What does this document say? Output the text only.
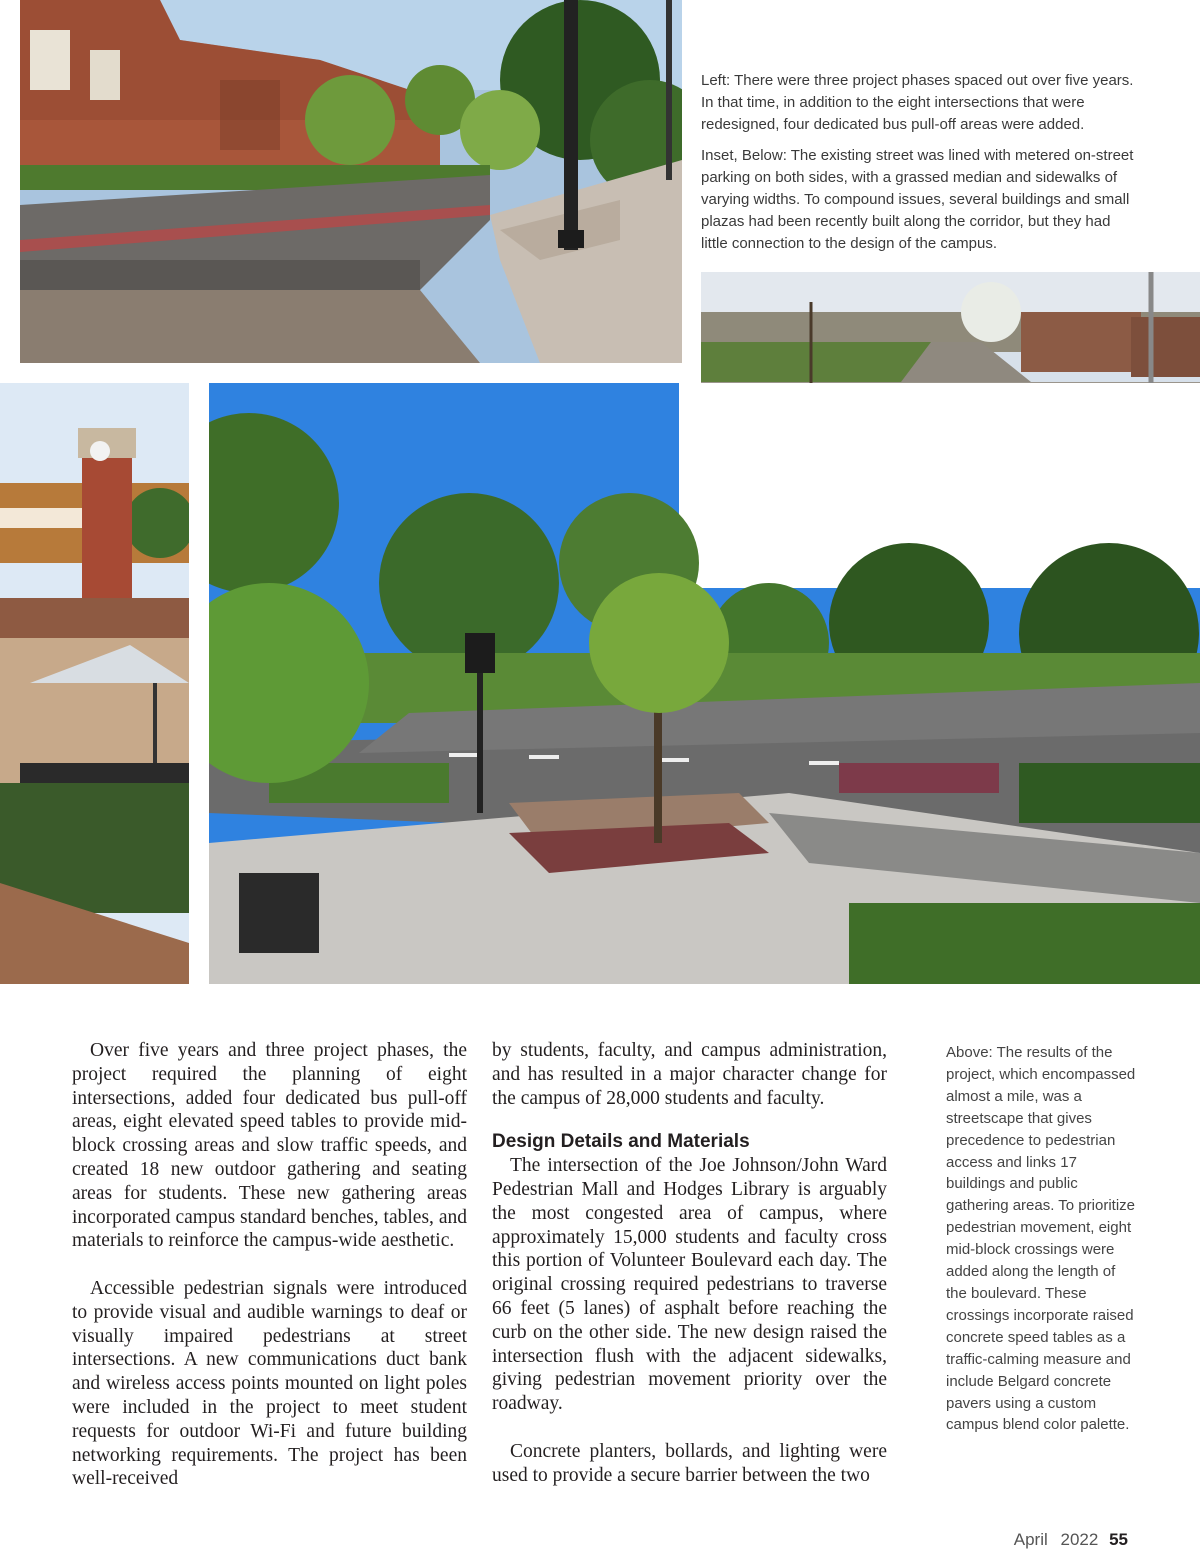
Left: There were three project phases spaced out over five years. In that time, in addition to the eight intersections that were redesigned, four dedicated bus pull-off areas were added.

Inset, Below: The existing street was lined with metered on-street parking on both sides, with a grassed median and sidewalks of varying widths. To compound issues, several buildings and small plazas had been recently built along the corridor, but they had little connection to the design of the campus.

Over five years and three project phases, the project required the planning of eight intersections, added four dedicated bus pull-off areas, eight elevated speed tables to provide mid-block crossing areas and slow traffic speeds, and created 18 new outdoor gathering and seating areas for students. These new gathering areas incorporated campus standard benches, tables, and materials to reinforce the campus-wide aesthetic.

Accessible pedestrian signals were introduced to provide visual and audible warnings to deaf or visually impaired pedestrians at street intersections. A new communications duct bank and wireless access points mounted on light poles were included in the project to meet student requests for outdoor Wi-Fi and future building networking requirements. The project has been well-received

by students, faculty, and campus administration, and has resulted in a major character change for the campus of 28,000 students and faculty.

Design Details and Materials

The intersection of the Joe Johnson/John Ward Pedestrian Mall and Hodges Library is arguably the most congested area of campus, where approximately 15,000 students and faculty cross this portion of Volunteer Boulevard each day. The original crossing required pedestrians to traverse 66 feet (5 lanes) of asphalt before reaching the curb on the other side. The new design raised the intersection flush with the adjacent sidewalks, giving pedestrian movement priority over the roadway.

Concrete planters, bollards, and lighting were used to provide a secure barrier between the two

Above: The results of the project, which encompassed almost a mile, was a streetscape that gives precedence to pedestrian access and links 17 buildings and public gathering areas. To prioritize pedestrian movement, eight mid-block crossings were added along the length of the boulevard. These crossings incorporate raised concrete speed tables as a traffic-calming measure and include Belgard concrete pavers using a custom campus blend color palette.
April 2022 55
